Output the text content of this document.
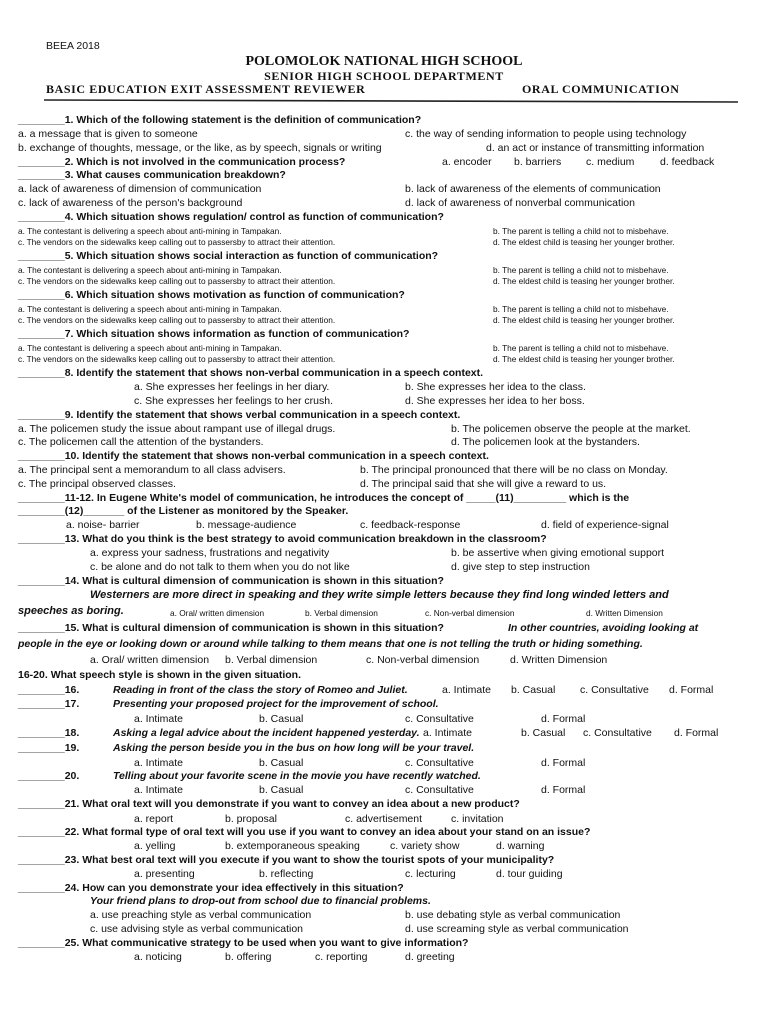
BEEA 2018
POLOMOLOK NATIONAL HIGH SCHOOL
SENIOR HIGH SCHOOL DEPARTMENT
BASIC EDUCATION EXIT ASSESSMENT REVIEWER	ORAL COMMUNICATION
________1. Which of the following statement is the definition of communication?
a. a message that is given to someone	c. the way of sending information to people using technology
b. exchange of thoughts, message, or the like, as by speech, signals or writing	d. an act or instance of transmitting information
________2. Which is not involved in the communication process?	a. encoder b. barriers c. medium d. feedback
________3. What causes communication breakdown?
a. lack of awareness of dimension of communication	b. lack of awareness of the elements of communication
c. lack of awareness of the person's background	d. lack of awareness of nonverbal communication
________4. Which situation shows regulation/ control as function of communication?
a. The contestant is delivering a speech about anti-mining in Tampakan.	b. The parent is telling a child not to misbehave.
c. The vendors on the sidewalks keep calling out to passersby to attract their attention.	d. The eldest child is teasing her younger brother.
________5. Which situation shows social interaction as function of communication?
a. The contestant is delivering a speech about anti-mining in Tampakan.	b. The parent is telling a child not to misbehave.
c. The vendors on the sidewalks keep calling out to passersby to attract their attention.	d. The eldest child is teasing her younger brother.
________6. Which situation shows motivation as function of communication?
a. The contestant is delivering a speech about anti-mining in Tampakan.	b. The parent is telling a child not to misbehave.
c. The vendors on the sidewalks keep calling out to passersby to attract their attention.	d. The eldest child is teasing her younger brother.
________7. Which situation shows information as function of communication?
a. The contestant is delivering a speech about anti-mining in Tampakan.	b. The parent is telling a child not to misbehave.
c. The vendors on the sidewalks keep calling out to passersby to attract their attention.	d. The eldest child is teasing her younger brother.
________8. Identify the statement that shows non-verbal communication in a speech context.
a. She expresses her feelings in her diary.	b. She expresses her idea to the class.
c. She expresses her feelings to her crush.	d. She expresses her idea to her boss.
________9. Identify the statement that shows verbal communication in a speech context.
a. The policemen study the issue about rampant use of illegal drugs.	b. The policemen observe the people at the market.
c. The policemen call the attention of the bystanders.	d. The policemen look at the bystanders.
________10. Identify the statement that shows non-verbal communication in a speech context.
a. The principal sent a memorandum to all class advisers.	b. The principal pronounced that there will be no class on Monday.
c. The principal observed classes.	d. The principal said that she will give a reward to us.
________11-12. In Eugene White's model of communication, he introduces the concept of _____(11)_________ which is the
________(12)_______ of the Listener as monitored by the Speaker.
a. noise- barrier	b. message-audience	c. feedback-response	d. field of experience-signal
________13. What do you think is the best strategy to avoid communication breakdown in the classroom?
a. express your sadness, frustrations and negativity	b. be assertive when giving emotional support
c. be alone and do not talk to them when you do not like	d. give step to step instruction
________14. What is cultural dimension of communication is shown in this situation?
Westerners are more direct in speaking and they write simple letters because they find long winded letters and
speeches as boring.	a. Oral/ written dimension	b. Verbal dimension	c. Non-verbal dimension	d. Written Dimension
________15. What is cultural dimension of communication is shown in this situation?	In other countries, avoiding looking at
people in the eye or looking down or around while talking to them means that one is not telling the truth or hiding something.
a. Oral/ written dimension b. Verbal dimension	c. Non-verbal dimension	d. Written Dimension
16-20. What speech style is shown in the given situation.
________16.	Reading in front of the class the story of Romeo and Juliet.	a. Intimate b. Casual c. Consultative d. Formal
________17.	Presenting your proposed project for the improvement of school.
a. Intimate	b. Casual	c. Consultative	d. Formal
________18.	Asking a legal advice about the incident happened yesterday. a. Intimate	b. Casual c. Consultative d. Formal
________19.	Asking the person beside you in the bus on how long will be your travel.
a. Intimate	b. Casual	c. Consultative	d. Formal
________20.	Telling about your favorite scene in the movie you have recently watched.
a. Intimate	b. Casual	c. Consultative	d. Formal
________21. What oral text will you demonstrate if you want to convey an idea about a new product?
a. report	b. proposal	c. advertisement	c. invitation
________22. What formal type of oral text will you use if you want to convey an idea about your stand on an issue?
a. yelling	b. extemporaneous speaking	c. variety show	d. warning
________23. What best oral text will you execute if you want to show the tourist spots of your municipality?
a. presenting	b. reflecting	c. lecturing	d. tour guiding
________24. How can you demonstrate your idea effectively in this situation?
Your friend plans to drop-out from school due to financial problems.
a. use preaching style as verbal communication	b. use debating style as verbal communication
c. use advising style as verbal communication	d. use screaming style as verbal communication
________25. What communicative strategy to be used when you want to give information?
a. noticing	b. offering	c. reporting	d. greeting
